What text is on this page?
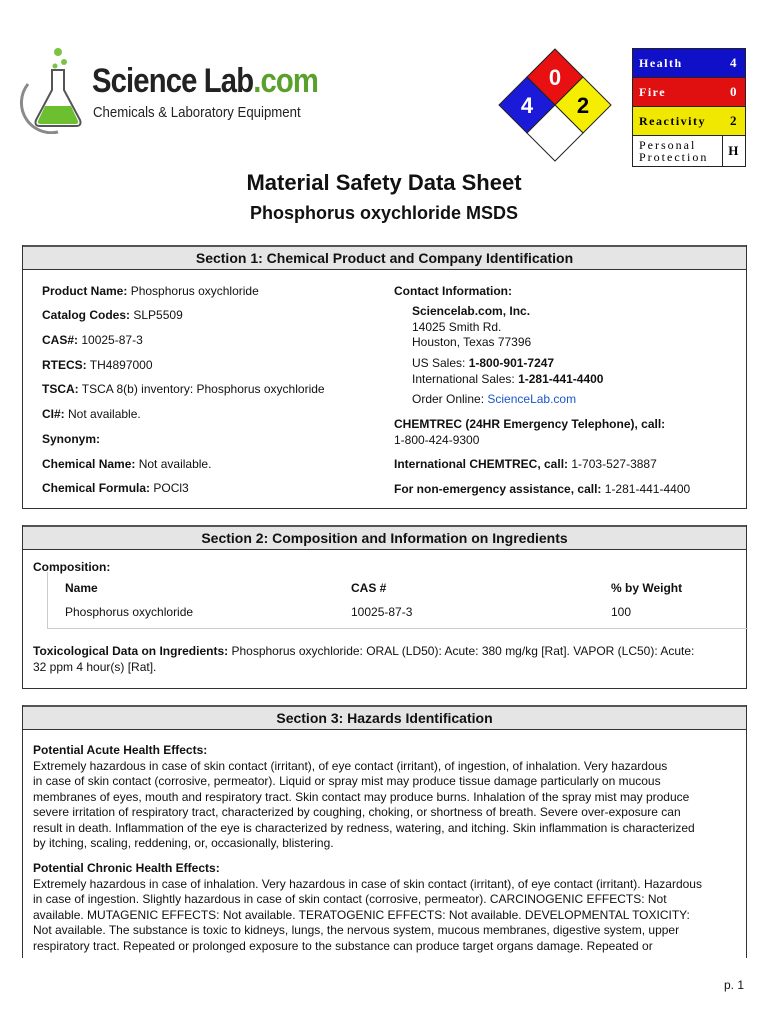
Science Lab.com
Chemicals & Laboratory Equipment
0
4 2
Health	4
Fire	0
Reactivity	2
Personal Protection	H
Material Safety Data Sheet
Phosphorus oxychloride MSDS
Section 1: Chemical Product and Company Identification
Product Name: Phosphorus oxychloride
Catalog Codes: SLP5509
CAS#: 10025-87-3
RTECS: TH4897000
TSCA: TSCA 8(b) inventory: Phosphorus oxychloride
CI#: Not available.
Synonym:
Chemical Name: Not available.
Chemical Formula: POCl3
Contact Information:
Sciencelab.com, Inc.
14025 Smith Rd.
Houston, Texas 77396
US Sales: 1-800-901-7247
International Sales: 1-281-441-4400
Order Online: ScienceLab.com
CHEMTREC (24HR Emergency Telephone), call:
1-800-424-9300
International CHEMTREC, call: 1-703-527-3887
For non-emergency assistance, call: 1-281-441-4400
Section 2: Composition and Information on Ingredients
Composition:
Name	CAS #	% by Weight
Phosphorus oxychloride	10025-87-3	100
Toxicological Data on Ingredients: Phosphorus oxychloride: ORAL (LD50): Acute: 380 mg/kg [Rat]. VAPOR (LC50): Acute:
32 ppm 4 hour(s) [Rat].
Section 3: Hazards Identification
Potential Acute Health Effects:
Extremely hazardous in case of skin contact (irritant), of eye contact (irritant), of ingestion, of inhalation. Very hazardous
in case of skin contact (corrosive, permeator). Liquid or spray mist may produce tissue damage particularly on mucous
membranes of eyes, mouth and respiratory tract. Skin contact may produce burns. Inhalation of the spray mist may produce
severe irritation of respiratory tract, characterized by coughing, choking, or shortness of breath. Severe over-exposure can
result in death. Inflammation of the eye is characterized by redness, watering, and itching. Skin inflammation is characterized
by itching, scaling, reddening, or, occasionally, blistering.
Potential Chronic Health Effects:
Extremely hazardous in case of inhalation. Very hazardous in case of skin contact (irritant), of eye contact (irritant). Hazardous
in case of ingestion. Slightly hazardous in case of skin contact (corrosive, permeator). CARCINOGENIC EFFECTS: Not
available. MUTAGENIC EFFECTS: Not available. TERATOGENIC EFFECTS: Not available. DEVELOPMENTAL TOXICITY:
Not available. The substance is toxic to kidneys, lungs, the nervous system, mucous membranes, digestive system, upper
respiratory tract. Repeated or prolonged exposure to the substance can produce target organs damage. Repeated or
p. 1
